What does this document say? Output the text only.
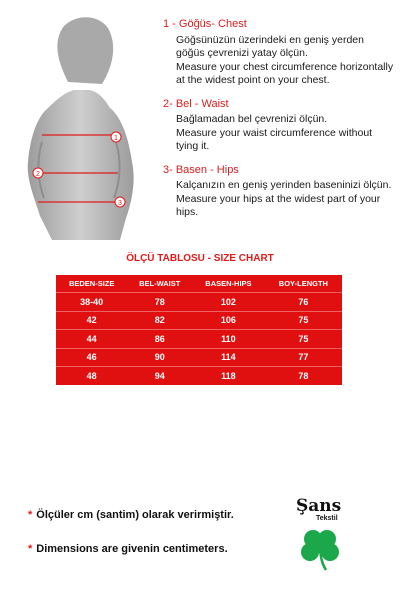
1
2
3
1 - Göğüs- Chest
Göğsünüzün üzerindeki en geniş yerden göğüs çevrenizi yatay ölçün.
Measure your chest circumference horizontally at the widest point on your chest.
2- Bel - Waist
Bağlamadan bel çevrenizi ölçün.
Measure your waist circumference without tying it.
3- Basen - Hips
Kalçanızın en geniş yerinden baseninizi ölçün.
Measure your hips at the widest part of your hips.
ÖLÇÜ TABLOSU - SIZE CHART
BEDEN-SIZE	BEL-WAIST	BASEN-HIPS	BOY-LENGTH
38-40	78	102	76
42	82	106	75
44	86	110	75
46	90	114	77
48	94	118	78
* Ölçüler cm (santim) olarak verirmiştir.
* Dimensions are givenin centimeters.
Şans
Tekstil
